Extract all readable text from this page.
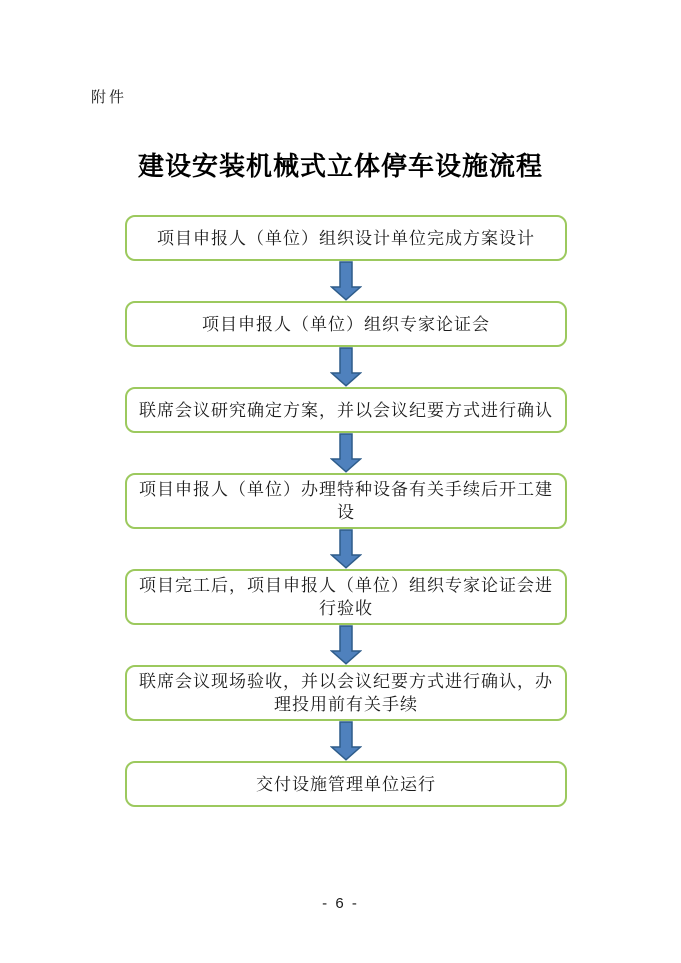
附件
建设安装机械式立体停车设施流程
项目申报人（单位）组织设计单位完成方案设计
项目申报人（单位）组织专家论证会
联席会议研究确定方案，并以会议纪要方式进行确认
项目申报人（单位）办理特种设备有关手续后开工建设
项目完工后，项目申报人（单位）组织专家论证会进行验收
联席会议现场验收，并以会议纪要方式进行确认，办理投用前有关手续
交付设施管理单位运行
- 6 -
